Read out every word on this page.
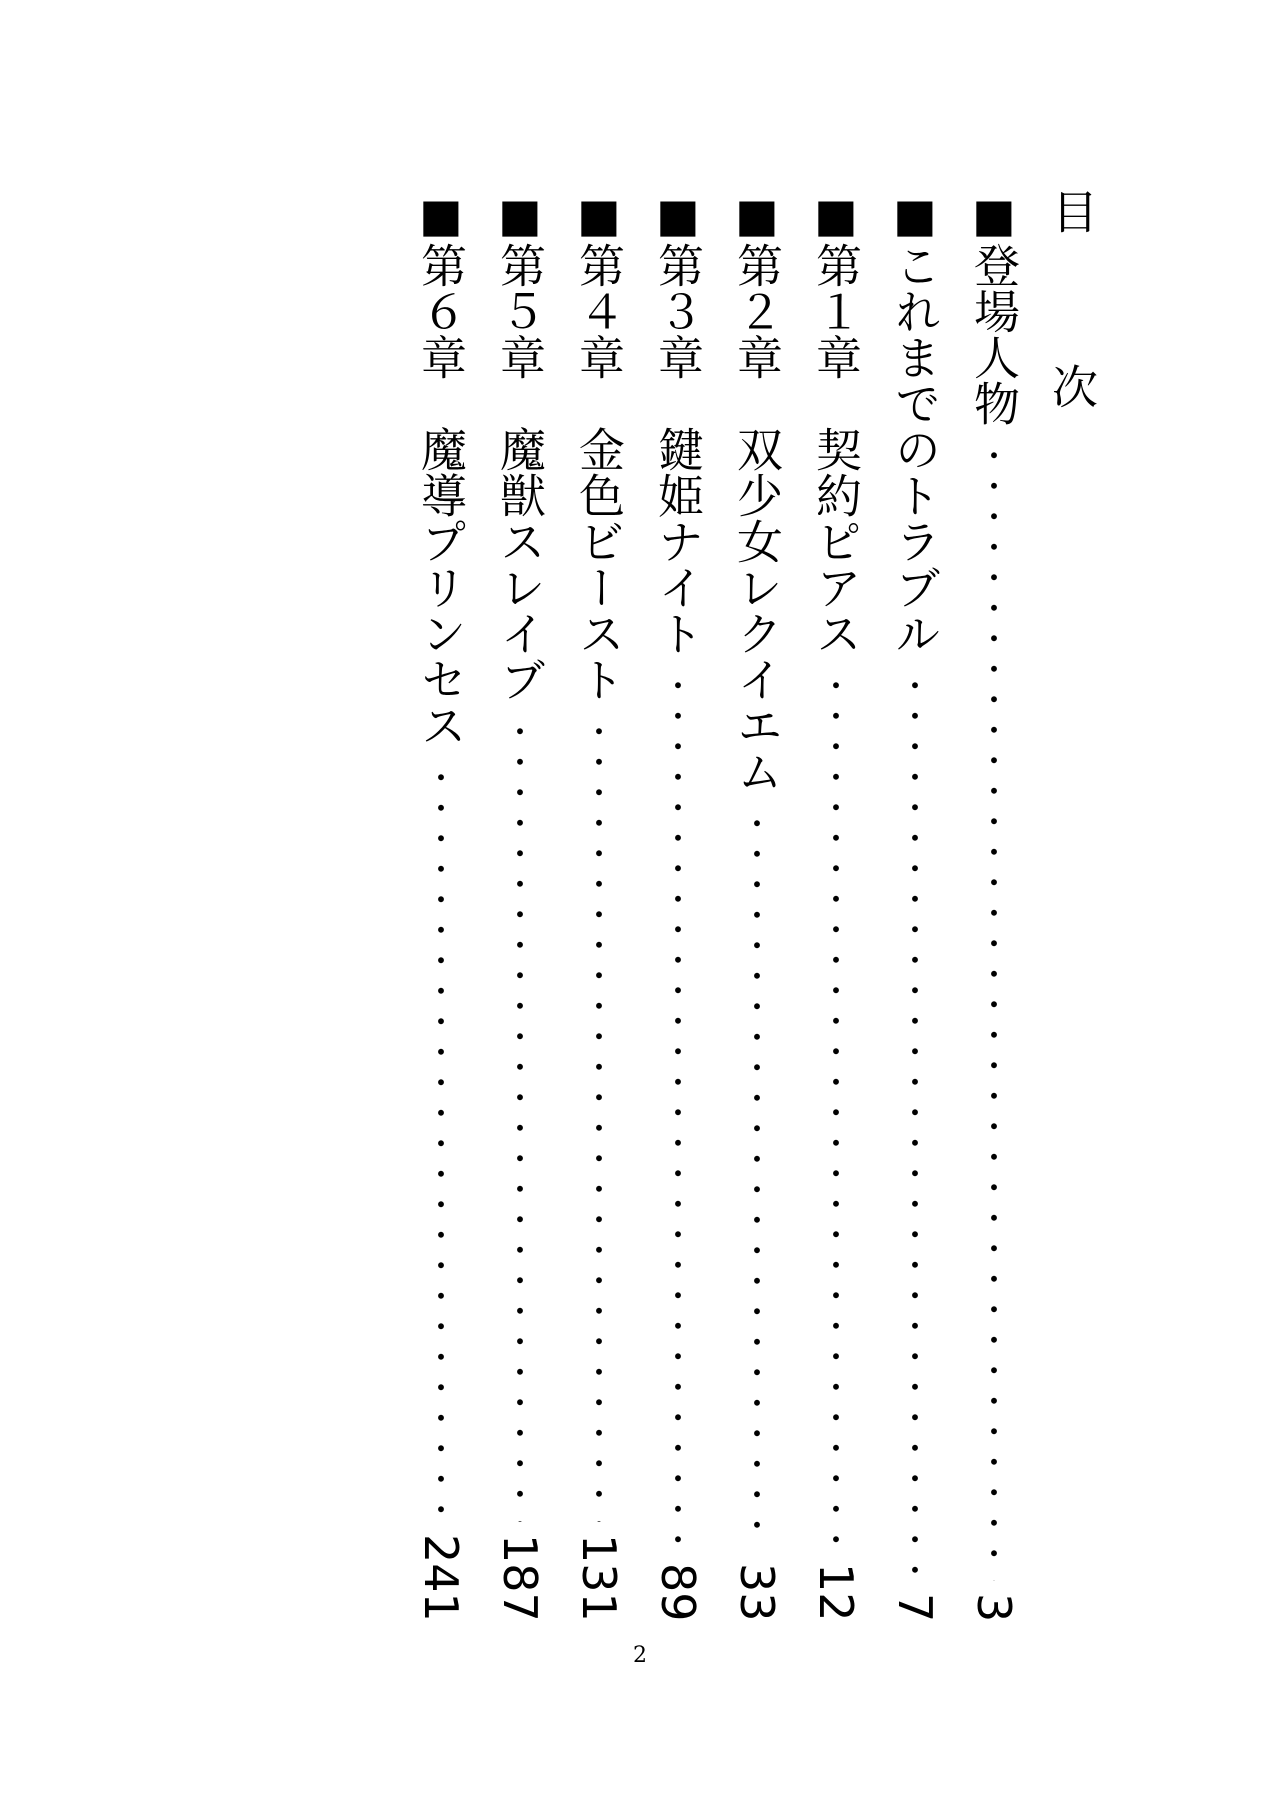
目　次
■登場人物
3
■これまでのトラブル
7
■第１章契約ピアス
12
■第２章双少女レクイエム
33
■第３章鍵姫ナイト
89
■第４章金色ビースト
131
■第５章魔獣スレイブ
187
■第６章魔導プリンセス
241
2
